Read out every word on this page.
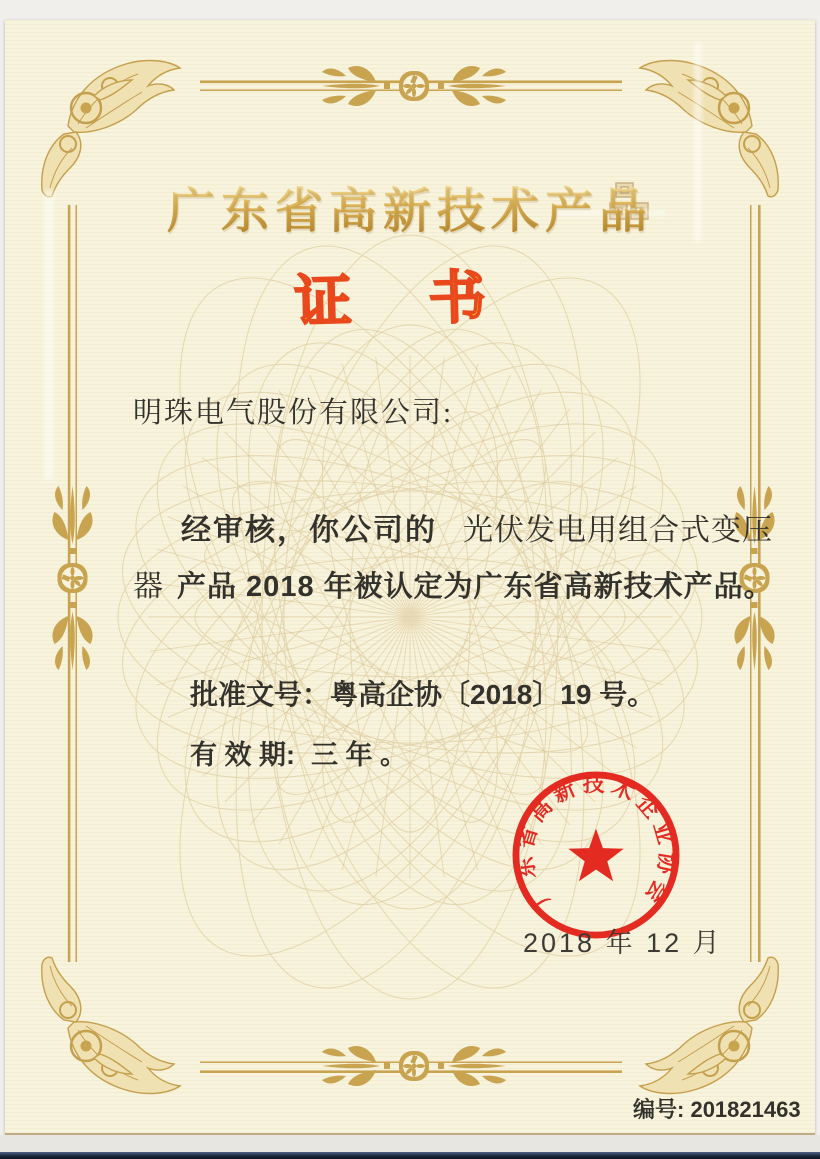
广东省高新技术产品
证　书
明珠电气股份有限公司:
经审核，你公司的 光伏发电用组合式变压
器 产品 2018 年被认定为广东省高新技术产品。
批准文号：粤高企协〔2018〕19 号。
有 效 期: 三 年 。
广东省高新技术企业协会
2018 年 12 月
编号: 201821463
